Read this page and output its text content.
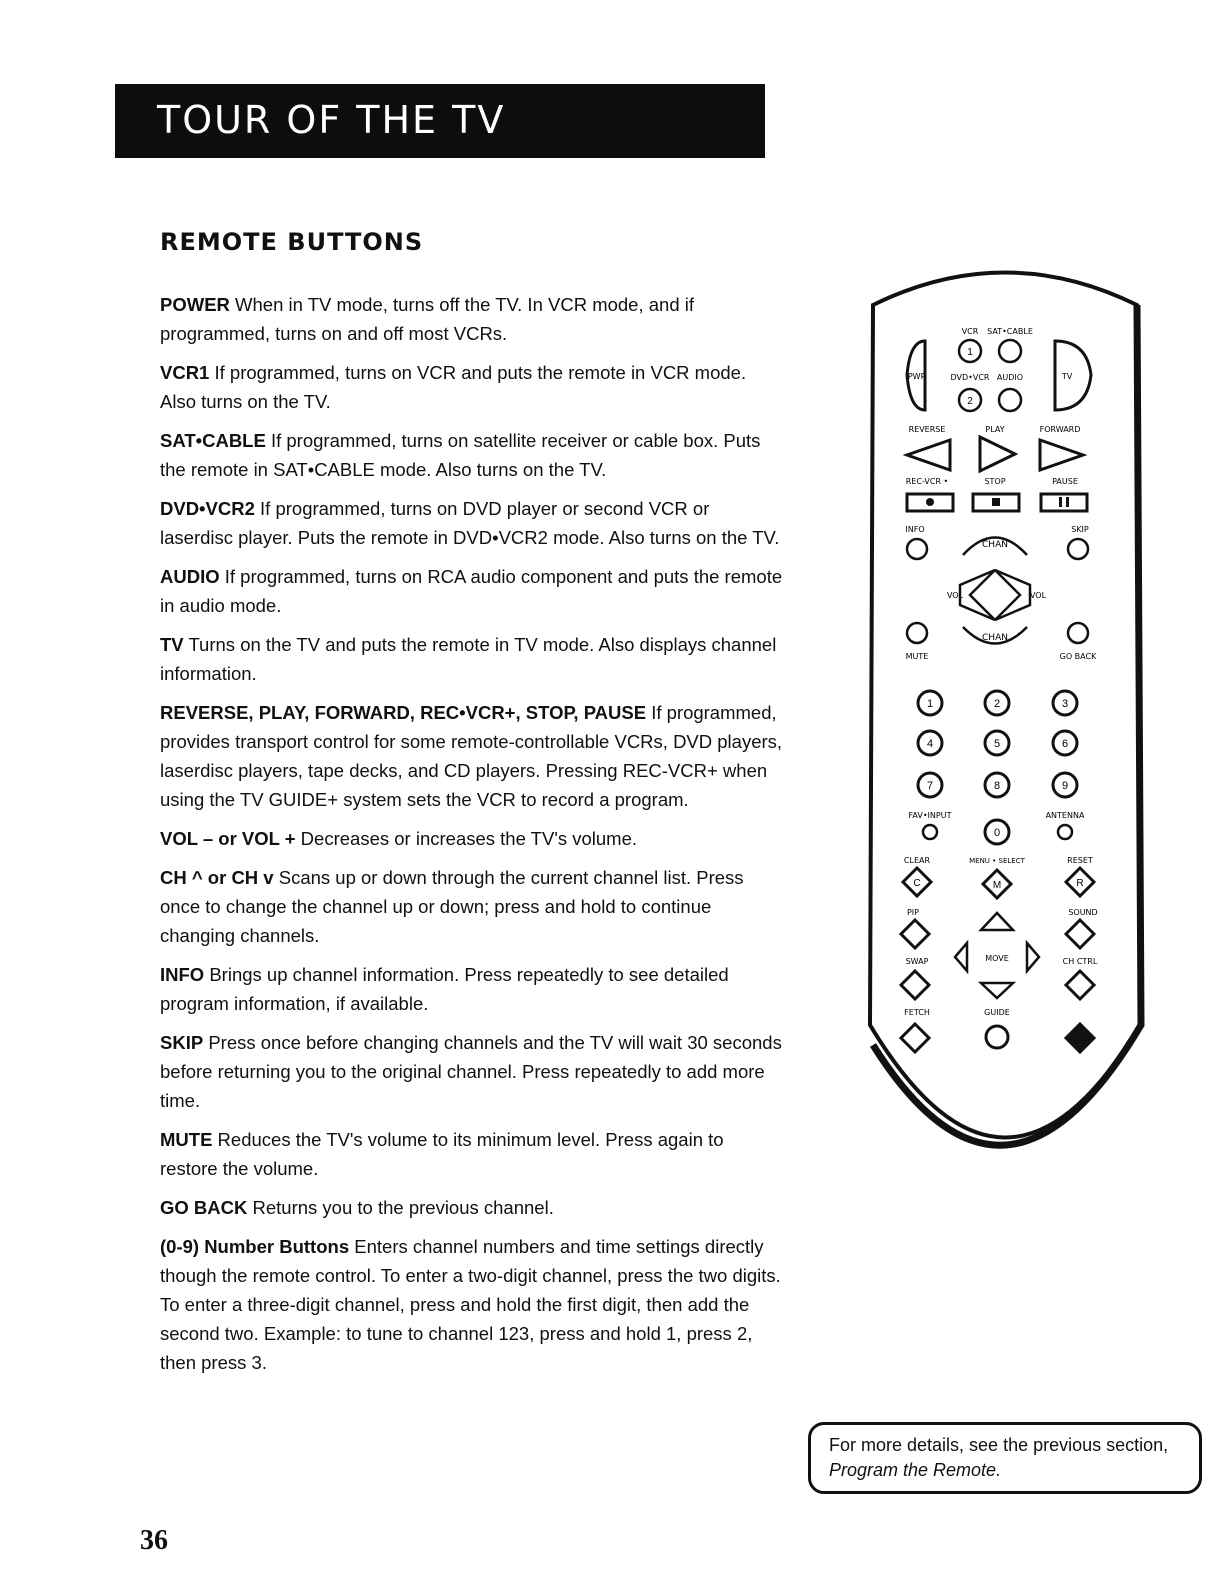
TOUR OF THE TV
REMOTE BUTTONS
POWER When in TV mode, turns off the TV. In VCR mode, and if programmed, turns on and off most VCRs.
VCR1 If programmed, turns on VCR and puts the remote in VCR mode. Also turns on the TV.
SAT•CABLE If programmed, turns on satellite receiver or cable box. Puts the remote in SAT•CABLE mode. Also turns on the TV.
DVD•VCR2 If programmed, turns on DVD player or second VCR or laserdisc player. Puts the remote in DVD•VCR2 mode. Also turns on the TV.
AUDIO If programmed, turns on RCA audio component and puts the remote in audio mode.
TV Turns on the TV and puts the remote in TV mode. Also displays channel information.
REVERSE, PLAY, FORWARD, REC•VCR+, STOP, PAUSE If programmed, provides transport control for some remote-controllable VCRs, DVD players, laserdisc players, tape decks, and CD players. Pressing REC-VCR+ when using the TV GUIDE+ system sets the VCR to record a program.
VOL – or VOL + Decreases or increases the TV's volume.
CH ^ or CH v Scans up or down through the current channel list. Press once to change the channel up or down; press and hold to continue changing channels.
INFO Brings up channel information. Press repeatedly to see detailed program information, if available.
SKIP Press once before changing channels and the TV will wait 30 seconds before returning you to the original channel. Press repeatedly to add more time.
MUTE Reduces the TV's volume to its minimum level. Press again to restore the volume.
GO BACK Returns you to the previous channel.
(0-9) Number Buttons Enters channel numbers and time settings directly though the remote control. To enter a two-digit channel, press the two digits. To enter a three-digit channel, press and hold the first digit, then add the second two. Example: to tune to channel 123, press and hold 1, press 2, then press 3.
VCR SAT•CABLE
PWR
1
DVD•VCR AUDIO
2
TV
REVERSE	PLAY	FORWARD
REC-VCR •	STOP	PAUSE
INFO	SKIP
CHAN
VOL	VOL
CHAN
MUTE	GO BACK
1	2	3
4	5	6
7	8	9
FAV•INPUT	ANTENNA
0
CLEAR	RESET
MENU • SELECT
C	M	R
PIP	SOUND
MOVE
SWAP	CH CTRL
FETCH	GUIDE
For more details, see the previous section,
Program the Remote.
36
